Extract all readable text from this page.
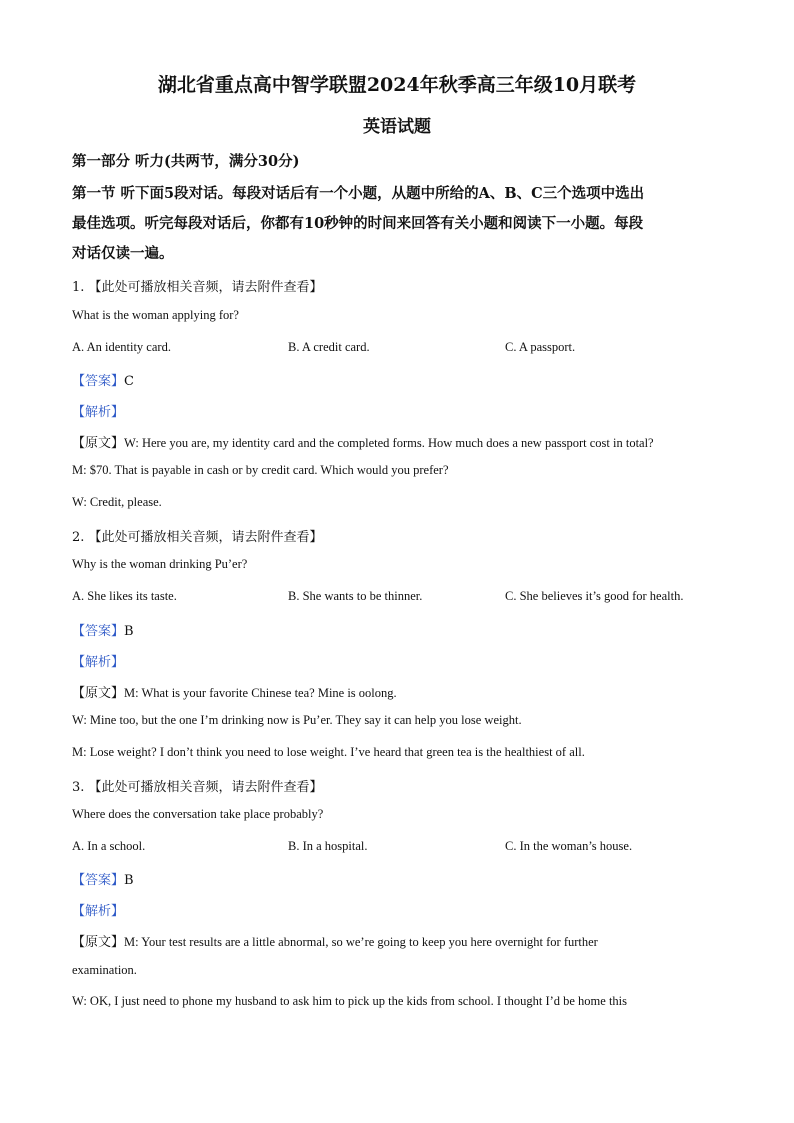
湖北省重点高中智学联盟2024年秋季高三年级10月联考
英语试题
第一部分 听力(共两节，满分30分)
第一节 听下面5段对话。每段对话后有一个小题，从题中所给的A、B、C三个选项中选出
最佳选项。听完每段对话后，你都有10秒钟的时间来回答有关小题和阅读下一小题。每段
对话仅读一遍。
1. 【此处可播放相关音频，请去附件查看】
What is the woman applying for?
A. An identity card.	B. A credit card.	C. A passport.
【答案】C
【解析】
【原文】W: Here you are, my identity card and the completed forms. How much does a new passport cost in total?
M: $70. That is payable in cash or by credit card. Which would you prefer?
W: Credit, please.
2. 【此处可播放相关音频，请去附件查看】
Why is the woman drinking Pu’er?
A. She likes its taste.	B. She wants to be thinner.	C. She believes it’s good for health.
【答案】B
【解析】
【原文】M: What is your favorite Chinese tea? Mine is oolong.
W: Mine too, but the one I’m drinking now is Pu’er. They say it can help you lose weight.
M: Lose weight? I don’t think you need to lose weight. I’ve heard that green tea is the healthiest of all.
3. 【此处可播放相关音频，请去附件查看】
Where does the conversation take place probably?
A. In a school.	B. In a hospital.	C. In the woman’s house.
【答案】B
【解析】
【原文】M: Your test results are a little abnormal, so we’re going to keep you here overnight for further
examination.
W: OK, I just need to phone my husband to ask him to pick up the kids from school. I thought I’d be home this
